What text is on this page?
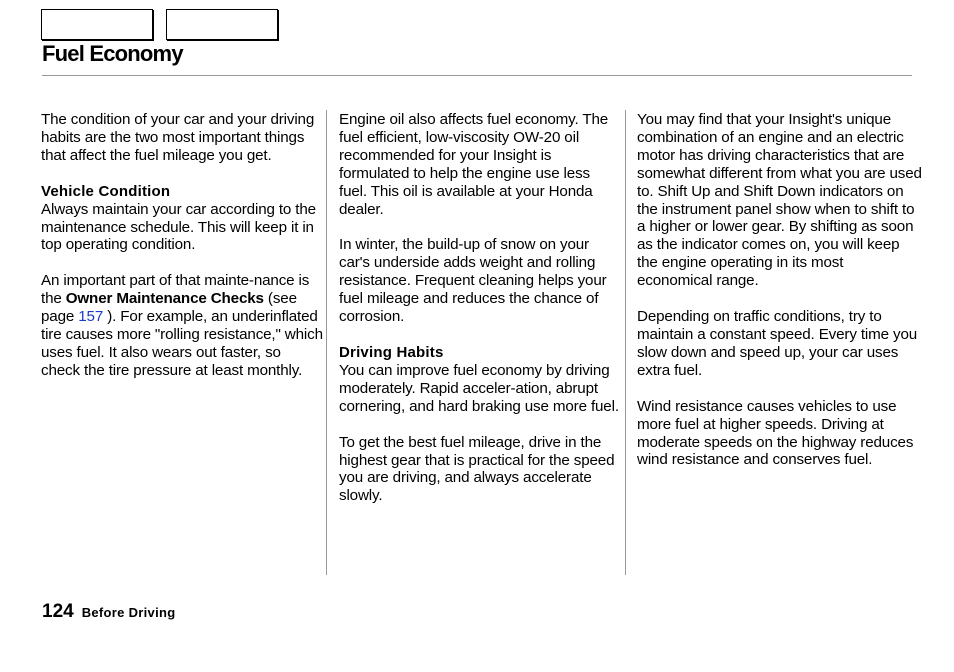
Fuel Economy

The condition of your car and your driving habits are the two most important things that affect the fuel mileage you get.

Vehicle Condition

Always maintain your car according to the maintenance schedule. This will keep it in top operating condition.

An important part of that mainte-nance is the Owner Maintenance Checks (see page 157 ). For example, an underinflated tire causes more "rolling resistance," which uses fuel. It also wears out faster, so check the tire pressure at least monthly.

Engine oil also affects fuel economy. The fuel efficient, low-viscosity OW-20 oil recommended for your Insight is formulated to help the engine use less fuel. This oil is available at your Honda dealer.

In winter, the build-up of snow on your car's underside adds weight and rolling resistance. Frequent cleaning helps your fuel mileage and reduces the chance of corrosion.

Driving Habits

You can improve fuel economy by driving moderately. Rapid acceler-ation, abrupt cornering, and hard braking use more fuel.

To get the best fuel mileage, drive in the highest gear that is practical for the speed you are driving, and always accelerate slowly.

You may find that your Insight's unique combination of an engine and an electric motor has driving characteristics that are somewhat different from what you are used to. Shift Up and Shift Down indicators on the instrument panel show when to shift to a higher or lower gear. By shifting as soon as the indicator comes on, you will keep the engine operating in its most economical range.

Depending on traffic conditions, try to maintain a constant speed. Every time you slow down and speed up, your car uses extra fuel.

Wind resistance causes vehicles to use more fuel at higher speeds. Driving at moderate speeds on the highway reduces wind resistance and conserves fuel.

124 Before Driving
